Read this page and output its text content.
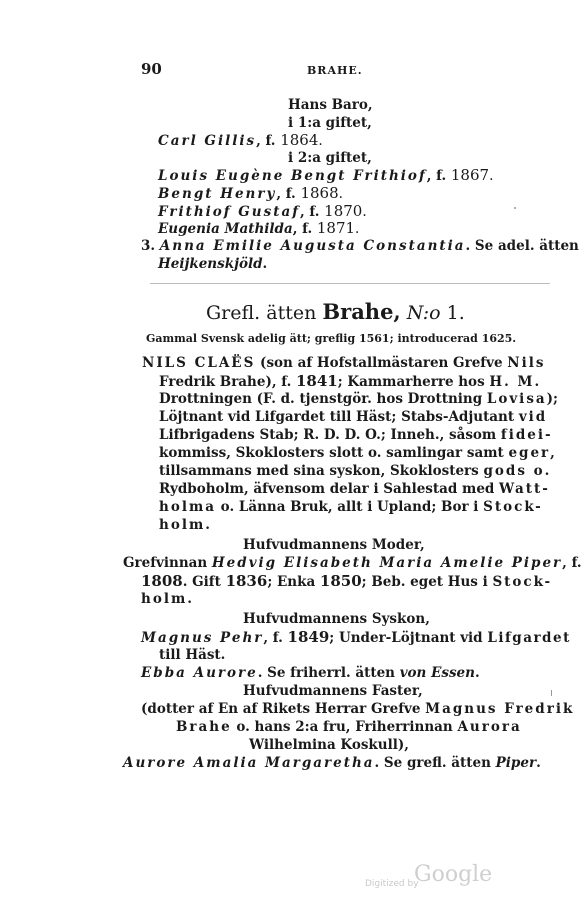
90	BRAHE.
Hans Baro,
i 1:a giftet,
Carl Gillis, f. 1864.
i 2:a giftet,
Louis Eugène Bengt Frithiof, f. 1867.
Bengt Henry, f. 1868.
Frithiof Gustaf, f. 1870.
Eugenia Mathilda, f. 1871.
3. Anna Emilie Augusta Constantia. Se adel. ätten
Heijkenskjöld.
Grefl. ätten Brahe, N:o 1.
Gammal Svensk adelig ätt; greflig 1561; introducerad 1625.
NILS CLAËS (son af Hofstallmästaren Grefve Nils
Fredrik Brahe), f. 1841; Kammarherre hos H. M.
Drottningen (F. d. tjenstgör. hos Drottning Lovisa);
Löjtnant vid Lifgardet till Häst; Stabs-Adjutant vid
Lifbrigadens Stab; R. D. D. O.; Inneh., såsom fidei-
kommiss, Skoklosters slott o. samlingar samt eger,
tillsammans med sina syskon, Skoklosters gods o.
Rydboholm, äfvensom delar i Sahlestad med Watt-
holma o. Länna Bruk, allt i Upland; Bor i Stock-
holm.
Hufvudmannens Moder,
Grefvinnan Hedvig Elisabeth Maria Amelie Piper, f.
1808. Gift 1836; Enka 1850; Beb. eget Hus i Stock-
holm.
Hufvudmannens Syskon,
Magnus Pehr, f. 1849; Under-Löjtnant vid Lifgardet
till Häst.
Ebba Aurore. Se friherrl. ätten von Essen.
Hufvudmannens Faster,
(dotter af En af Rikets Herrar Grefve Magnus Fredrik
Brahe o. hans 2:a fru, Friherrinnan Aurora
Wilhelmina Koskull),
Aurore Amalia Margaretha. Se grefl. ätten Piper.
Digitized by
Google
